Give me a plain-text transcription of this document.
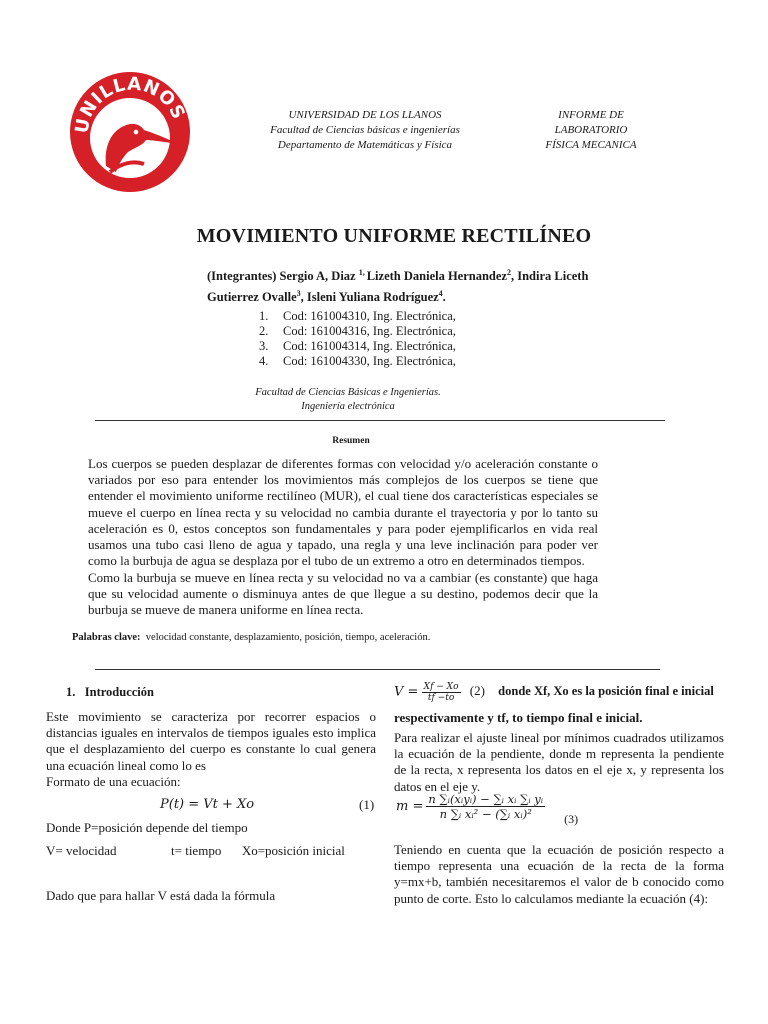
UNILLANOS	UNIVERSIDAD DE LOS LLANOS
Facultad de Ciencias básicas e ingenierías
Departamento de Matemáticas y Física
INFORME DE
LABORATORIO
FÍSICA MECANICA
MOVIMIENTO UNIFORME RECTILÍNEO
(Integrantes) Sergio A, Diaz $^{1,}$ Lizeth Daniela Hernandez$^2$, Indira Liceth
Gutierrez Ovalle$^3$, Isleni Yuliana Rodríguez$^4$.
1.	Cod: 161004310, Ing. Electrónica,
2.	Cod: 161004316, Ing. Electrónica,
3.	Cod: 161004314, Ing. Electrónica,
4.	Cod: 161004330, Ing. Electrónica,
Facultad de Ciencias Básicas e Ingenierías.
Ingeniería electrónica
Resumen
Los cuerpos se pueden desplazar de diferentes formas con velocidad y/o aceleración constante o variados por eso para entender los movimientos más complejos de los cuerpos se tiene que entender el movimiento uniforme rectilíneo (MUR), el cual tiene dos características especiales se mueve el cuerpo en línea recta y su velocidad no cambia durante el trayectoria y por lo tanto su aceleración es 0, estos conceptos son fundamentales y para poder ejemplificarlos en vida real usamos una tubo casi lleno de agua y tapado, una regla y una leve inclinación para poder ver como la burbuja de agua se desplaza por el tubo de un extremo a otro en determinados tiempos.
Como la burbuja se mueve en línea recta y su velocidad no va a cambiar (es constante) que haga que su velocidad aumente o disminuya antes de que llegue a su destino, podemos decir que la burbuja se mueve de manera uniforme en línea recta.
Palabras clave: velocidad constante, desplazamiento, posición, tiempo, aceleración.
1. Introducción
Este movimiento se caracteriza por recorrer espacios o distancias iguales en intervalos de tiempos iguales esto implica que el desplazamiento del cuerpo es constante lo cual genera una ecuación lineal como lo es
Formato de una ecuación:
P(t) = Vt + Xo	(1)
Donde P=posición depende del tiempo
V= velocidad	t= tiempo Xo=posición inicial
Dado que para hallar V está dada la fórmula
$V = \frac{Xf - Xo}{tf -to} (2)$ donde Xf, Xo es la posición final e inicial
respectivamente y tf, to tiempo final e inicial.
Para realizar el ajuste lineal por mínimos cuadrados utilizamos la ecuación de la pendiente, donde m representa la pendiente de la recta, x representa los datos en el eje x, y representa los datos en el eje y.
$m = \frac{\text{n ∑ᵢ(xᵢyᵢ) − ∑ᵢ xᵢ ∑ᵢ yᵢ}}{\text{n ∑ᵢ xᵢ² − (∑ᵢ xᵢ)²}} (3)$
Teniendo en cuenta que la ecuación de posición respecto a tiempo representa una ecuación de la recta de la forma y=mx+b, también necesitaremos el valor de b conocido como punto de corte. Esto lo calculamos mediante la ecuación (4):
